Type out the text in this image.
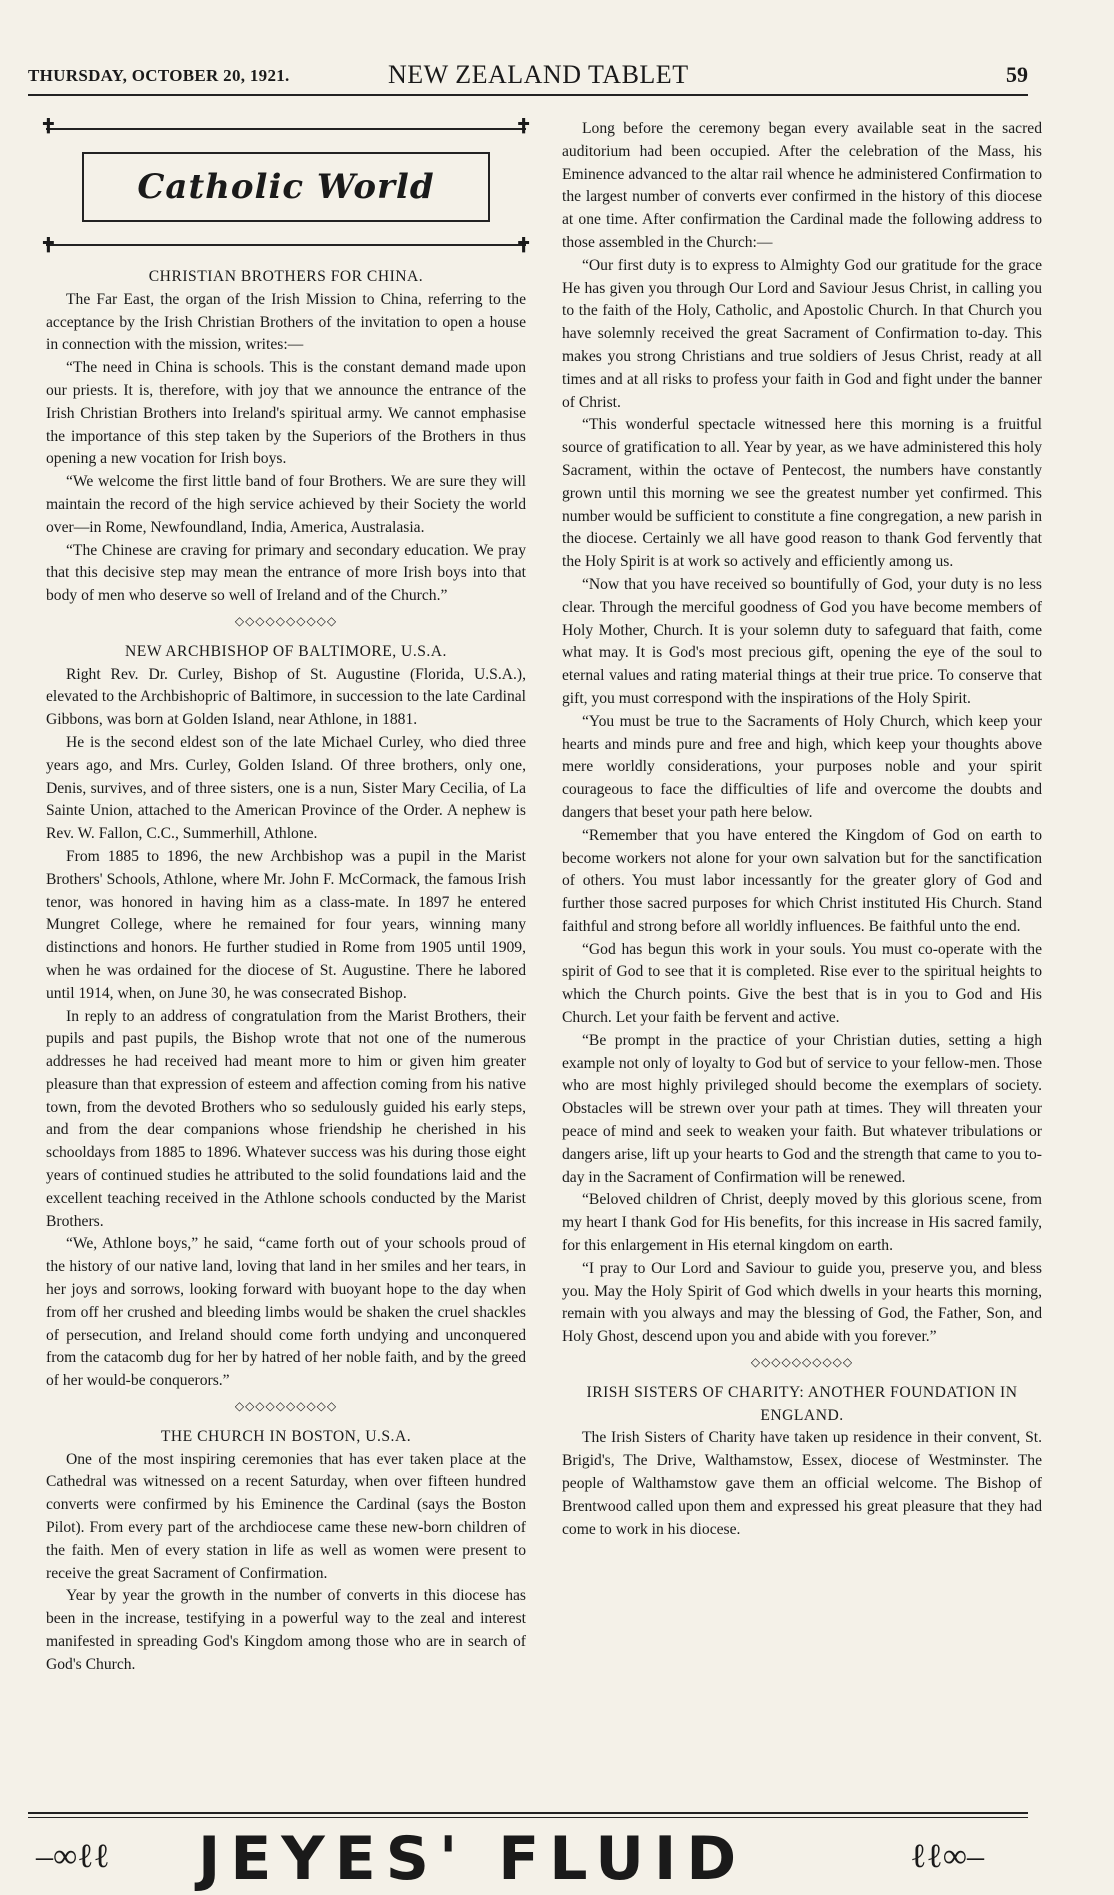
THURSDAY, OCTOBER 20, 1921.	NEW ZEALAND TABLET	59
✝	✝
✝	✝
Catholic World
CHRISTIAN BROTHERS FOR CHINA.

The Far East, the organ of the Irish Mission to China, referring to the acceptance by the Irish Christian Brothers of the invitation to open a house in connection with the mission, writes:—

“The need in China is schools. This is the constant demand made upon our priests. It is, therefore, with joy that we announce the entrance of the Irish Christian Brothers into Ireland's spiritual army. We cannot emphasise the importance of this step taken by the Superiors of the Brothers in thus opening a new vocation for Irish boys.

“We welcome the first little band of four Brothers. We are sure they will maintain the record of the high service achieved by their Society the world over—in Rome, Newfoundland, India, America, Australasia.

“The Chinese are craving for primary and secondary education. We pray that this decisive step may mean the entrance of more Irish boys into that body of men who deserve so well of Ireland and of the Church.”

◇◇◇◇◇◇◇◇◇◇
NEW ARCHBISHOP OF BALTIMORE, U.S.A.

Right Rev. Dr. Curley, Bishop of St. Augustine (Florida, U.S.A.), elevated to the Archbishopric of Baltimore, in succession to the late Cardinal Gibbons, was born at Golden Island, near Athlone, in 1881.

He is the second eldest son of the late Michael Curley, who died three years ago, and Mrs. Curley, Golden Island. Of three brothers, only one, Denis, survives, and of three sisters, one is a nun, Sister Mary Cecilia, of La Sainte Union, attached to the American Province of the Order. A nephew is Rev. W. Fallon, C.C., Summerhill, Athlone.

From 1885 to 1896, the new Archbishop was a pupil in the Marist Brothers' Schools, Athlone, where Mr. John F. McCormack, the famous Irish tenor, was honored in having him as a class-mate. In 1897 he entered Mungret College, where he remained for four years, winning many distinctions and honors. He further studied in Rome from 1905 until 1909, when he was ordained for the diocese of St. Augustine. There he labored until 1914, when, on June 30, he was consecrated Bishop.

In reply to an address of congratulation from the Marist Brothers, their pupils and past pupils, the Bishop wrote that not one of the numerous addresses he had received had meant more to him or given him greater pleasure than that expression of esteem and affection coming from his native town, from the devoted Brothers who so sedulously guided his early steps, and from the dear companions whose friendship he cherished in his schooldays from 1885 to 1896. Whatever success was his during those eight years of continued studies he attributed to the solid foundations laid and the excellent teaching received in the Athlone schools conducted by the Marist Brothers.

“We, Athlone boys,” he said, “came forth out of your schools proud of the history of our native land, loving that land in her smiles and her tears, in her joys and sorrows, looking forward with buoyant hope to the day when from off her crushed and bleeding limbs would be shaken the cruel shackles of persecution, and Ireland should come forth undying and unconquered from the catacomb dug for her by hatred of her noble faith, and by the greed of her would-be conquerors.”

◇◇◇◇◇◇◇◇◇◇
THE CHURCH IN BOSTON, U.S.A.

One of the most inspiring ceremonies that has ever taken place at the Cathedral was witnessed on a recent Saturday, when over fifteen hundred converts were confirmed by his Eminence the Cardinal (says the Boston Pilot). From every part of the archdiocese came these new-born children of the faith. Men of every station in life as well as women were present to receive the great Sacrament of Confirmation.

Year by year the growth in the number of converts in this diocese has been in the increase, testifying in a powerful way to the zeal and interest manifested in spreading God's Kingdom among those who are in search of God's Church.

Long before the ceremony began every available seat in the sacred auditorium had been occupied. After the celebration of the Mass, his Eminence advanced to the altar rail whence he administered Confirmation to the largest number of converts ever confirmed in the history of this diocese at one time. After confirmation the Cardinal made the following address to those assembled in the Church:—

“Our first duty is to express to Almighty God our gratitude for the grace He has given you through Our Lord and Saviour Jesus Christ, in calling you to the faith of the Holy, Catholic, and Apostolic Church. In that Church you have solemnly received the great Sacrament of Confirmation to-day. This makes you strong Christians and true soldiers of Jesus Christ, ready at all times and at all risks to profess your faith in God and fight under the banner of Christ.

“This wonderful spectacle witnessed here this morning is a fruitful source of gratification to all. Year by year, as we have administered this holy Sacrament, within the octave of Pentecost, the numbers have constantly grown until this morning we see the greatest number yet confirmed. This number would be sufficient to constitute a fine congregation, a new parish in the diocese. Certainly we all have good reason to thank God fervently that the Holy Spirit is at work so actively and efficiently among us.

“Now that you have received so bountifully of God, your duty is no less clear. Through the merciful goodness of God you have become members of Holy Mother, Church. It is your solemn duty to safeguard that faith, come what may. It is God's most precious gift, opening the eye of the soul to eternal values and rating material things at their true price. To conserve that gift, you must correspond with the inspirations of the Holy Spirit.

“You must be true to the Sacraments of Holy Church, which keep your hearts and minds pure and free and high, which keep your thoughts above mere worldly considerations, your purposes noble and your spirit courageous to face the difficulties of life and overcome the doubts and dangers that beset your path here below.

“Remember that you have entered the Kingdom of God on earth to become workers not alone for your own salvation but for the sanctification of others. You must labor incessantly for the greater glory of God and further those sacred purposes for which Christ instituted His Church. Stand faithful and strong before all worldly influences. Be faithful unto the end.

“God has begun this work in your souls. You must co-operate with the spirit of God to see that it is completed. Rise ever to the spiritual heights to which the Church points. Give the best that is in you to God and His Church. Let your faith be fervent and active.

“Be prompt in the practice of your Christian duties, setting a high example not only of loyalty to God but of service to your fellow-men. Those who are most highly privileged should become the exemplars of society. Obstacles will be strewn over your path at times. They will threaten your peace of mind and seek to weaken your faith. But whatever tribulations or dangers arise, lift up your hearts to God and the strength that came to you to-day in the Sacrament of Confirmation will be renewed.

“Beloved children of Christ, deeply moved by this glorious scene, from my heart I thank God for His benefits, for this increase in His sacred family, for this enlargement in His eternal kingdom on earth.

“I pray to Our Lord and Saviour to guide you, preserve you, and bless you. May the Holy Spirit of God which dwells in your hearts this morning, remain with you always and may the blessing of God, the Father, Son, and Holy Ghost, descend upon you and abide with you forever.”

◇◇◇◇◇◇◇◇◇◇
IRISH SISTERS OF CHARITY: ANOTHER FOUNDATION IN ENGLAND.

The Irish Sisters of Charity have taken up residence in their convent, St. Brigid's, The Drive, Walthamstow, Essex, diocese of Westminster. The people of Walthamstow gave them an official welcome. The Bishop of Brentwood called upon them and expressed his great pleasure that they had come to work in his diocese.

–∞ℓℓ JEYES' FLUID	ℓℓ∞–
